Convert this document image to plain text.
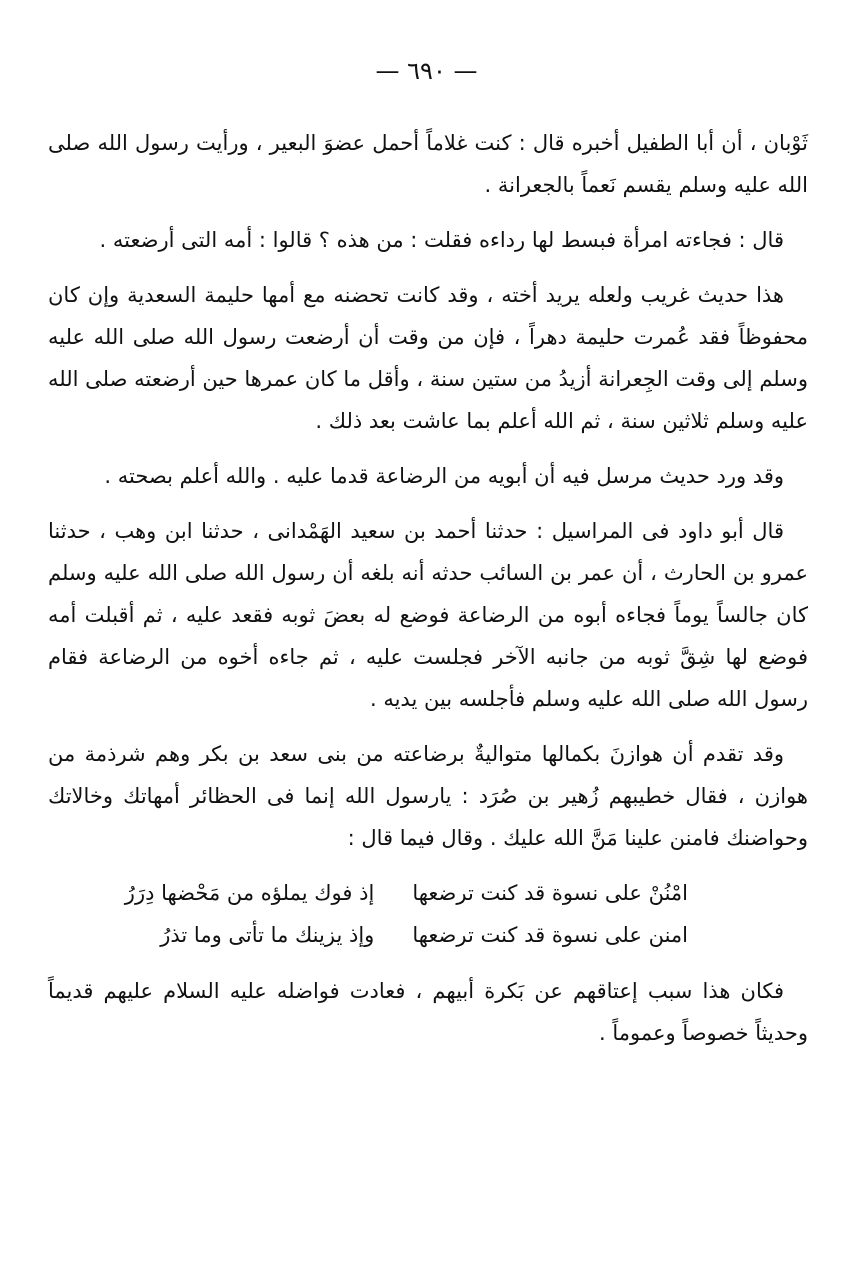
— ٦٩٠ —

ثَوْبان ، أن أبا الطفيل أخبره قال : كنت غلاماً أحمل عضوَ البعير ، ورأيت رسول الله صلى الله عليه وسلم يقسم نَعماً بالجعرانة .

قال : فجاءته امرأة فبسط لها رداءه فقلت : من هذه ؟ قالوا : أمه التى أرضعته .

هذا حديث غريب ولعله يريد أخته ، وقد كانت تحضنه مع أمها حليمة السعدية وإن كان محفوظاً فقد عُمرت حليمة دهراً ، فإن من وقت أن أرضعت رسول الله صلى الله عليه وسلم إلى وقت الجِعرانة أزيدُ من ستين سنة ، وأقل ما كان عمرها حين أرضعته صلى الله عليه وسلم ثلاثين سنة ، ثم الله أعلم بما عاشت بعد ذلك .

وقد ورد حديث مرسل فيه أن أبويه من الرضاعة قدما عليه . والله أعلم بصحته .

قال أبو داود فى المراسيل : حدثنا أحمد بن سعيد الهَمْدانى ، حدثنا ابن وهب ، حدثنا عمرو بن الحارث ، أن عمر بن السائب حدثه أنه بلغه أن رسول الله صلى الله عليه وسلم كان جالساً يوماً فجاءه أبوه من الرضاعة فوضع له بعضَ ثوبه فقعد عليه ، ثم أقبلت أمه فوضع لها شِقَّ ثوبه من جانبه الآخر فجلست عليه ، ثم جاءه أخوه من الرضاعة فقام رسول الله صلى الله عليه وسلم فأجلسه بين يديه .

وقد تقدم أن هوازنَ بكمالها متواليةٌ برضاعته من بنى سعد بن بكر وهم شرذمة من هوازن ، فقال خطيبهم زُهير بن صُرَد : يارسول الله إنما فى الحظائر أمهاتك وخالاتك وحواضنك فامنن علينا مَنَّ الله عليك . وقال فيما قال :

امْنُنْ على نسوة قد كنت ترضعها
إذ فوك يملؤه من مَحْضها دِرَرُ
امنن على نسوة قد كنت ترضعها
وإذ يزينك ما تأتى وما تذرُ

فكان هذا سبب إعتاقهم عن بَكرة أبيهم ، فعادت فواضله عليه السلام عليهم قديماً وحديثاً خصوصاً وعموماً .
